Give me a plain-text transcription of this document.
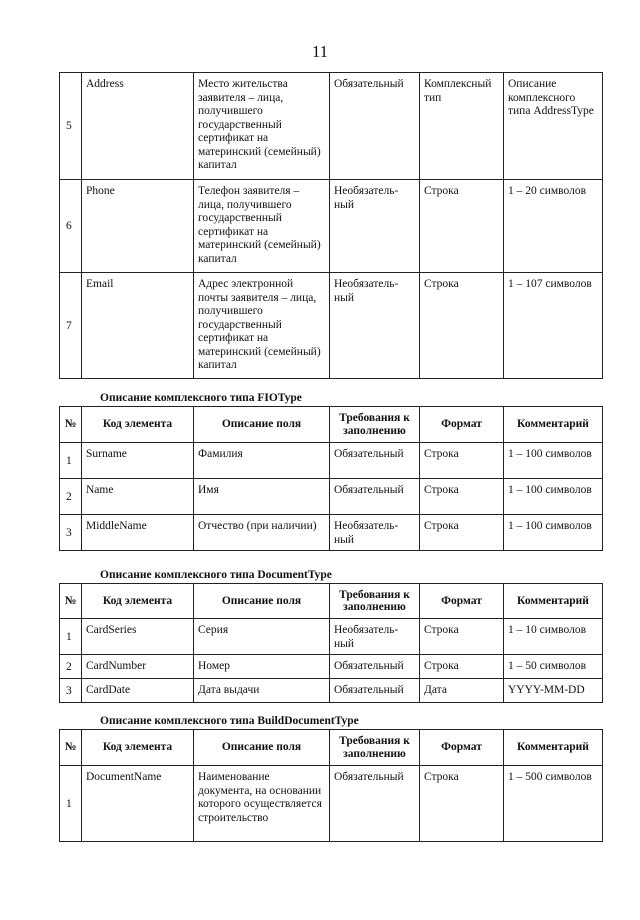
11
5	Address	Место жительства заявителя – лица, получившего государственный сертификат на материнский (семейный) капитал	Обязательный	Комплексный тип	Описание комплексного типа AddressType
6	Phone	Телефон заявителя – лица, получившего государственный сертификат на материнский (семейный) капитал	Необязатель-ный	Строка	1 – 20 символов
7	Email	Адрес электронной почты заявителя – лица, получившего государственный сертификат на материнский (семейный) капитал	Необязатель-ный	Строка	1 – 107 символов
Описание комплексного типа FIOType
№	Код элемента	Описание поля	Требования к заполнению	Формат	Комментарий
1	Surname	Фамилия	Обязательный	Строка	1 – 100 символов
2	Name	Имя	Обязательный	Строка	1 – 100 символов
3	MiddleName	Отчество (при наличии)	Необязатель-ный	Строка	1 – 100 символов
Описание комплексного типа DocumentType
№	Код элемента	Описание поля	Требования к заполнению	Формат	Комментарий
1	CardSeries	Серия	Необязатель-ный	Строка	1 – 10 символов
2	CardNumber	Номер	Обязательный	Строка	1 – 50 символов
3	CardDate	Дата выдачи	Обязательный	Дата	YYYY-MM-DD
Описание комплексного типа BuildDocumentType
№	Код элемента	Описание поля	Требования к заполнению	Формат	Комментарий
1	DocumentName	Наименование документа, на основании которого осуществляется строительство	Обязательный	Строка	1 – 500 символов
